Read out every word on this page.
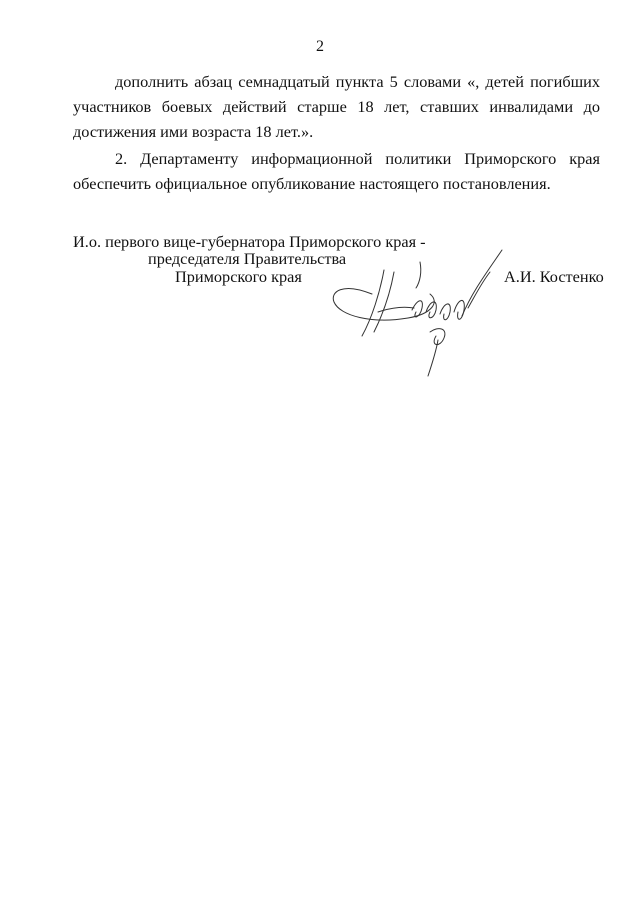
2
дополнить абзац семнадцатый пункта 5 словами «, детей погибших
участников боевых действий старше 18 лет, ставших инвалидами до
достижения ими возраста 18 лет.».
2. Департаменту информационной политики Приморского края
обеспечить официальное опубликование настоящего постановления.
И.о. первого вице-губернатора Приморского края -
председателя Правительства
Приморского края	А.И. Костенко
